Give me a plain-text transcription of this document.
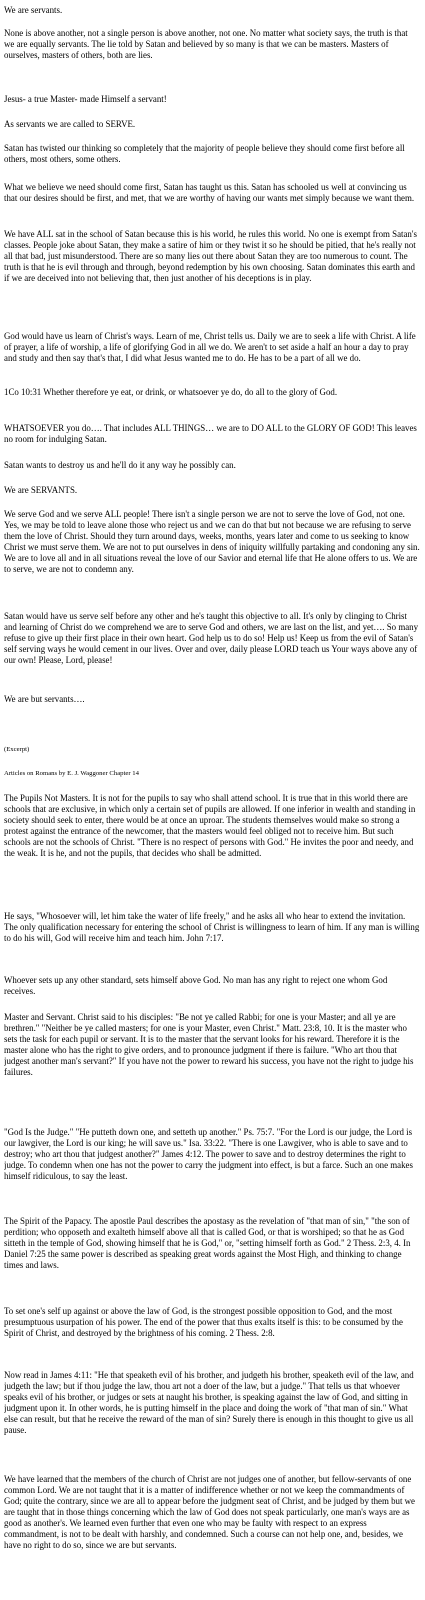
We are servants.

None is above another, not a single person is above another, not one. No matter what society says, the truth is that we are equally servants. The lie told by Satan and believed by so many is that we can be masters. Masters of ourselves, masters of others, both are lies.

Jesus- a true Master- made Himself a servant!

As servants we are called to SERVE.

Satan has twisted our thinking so completely that the majority of people believe they should come first before all others, most others, some others.

What we believe we need should come first, Satan has taught us this. Satan has schooled us well at convincing us that our desires should be first, and met, that we are worthy of having our wants met simply because we want them.

We have ALL sat in the school of Satan because this is his world, he rules this world. No one is exempt from Satan's classes. People joke about Satan, they make a satire of him or they twist it so he should be pitied, that he's really not all that bad, just misunderstood. There are so many lies out there about Satan they are too numerous to count. The truth is that he is evil through and through, beyond redemption by his own choosing. Satan dominates this earth and if we are deceived into not believing that, then just another of his deceptions is in play.

God would have us learn of Christ's ways. Learn of me, Christ tells us. Daily we are to seek a life with Christ. A life of prayer, a life of worship, a life of glorifying God in all we do. We aren't to set aside a half an hour a day to pray and study and then say that's that, I did what Jesus wanted me to do. He has to be a part of all we do.

1Co 10:31 Whether therefore ye eat, or drink, or whatsoever ye do, do all to the glory of God.

WHATSOEVER you do…. That includes ALL THINGS… we are to DO ALL to the GLORY OF GOD! This leaves no room for indulging Satan.

Satan wants to destroy us and he'll do it any way he possibly can.

We are SERVANTS.

We serve God and we serve ALL people! There isn't a single person we are not to serve the love of God, not one. Yes, we may be told to leave alone those who reject us and we can do that but not because we are refusing to serve them the love of Christ. Should they turn around days, weeks, months, years later and come to us seeking to know Christ we must serve them. We are not to put ourselves in dens of iniquity willfully partaking and condoning any sin. We are to love all and in all situations reveal the love of our Savior and eternal life that He alone offers to us. We are to serve, we are not to condemn any.

Satan would have us serve self before any other and he's taught this objective to all. It's only by clinging to Christ and learning of Christ do we comprehend we are to serve God and others, we are last on the list, and yet…. So many refuse to give up their first place in their own heart. God help us to do so! Help us! Keep us from the evil of Satan's self serving ways he would cement in our lives. Over and over, daily please LORD teach us Your ways above any of our own! Please, Lord, please!

We are but servants….

(Excerpt)

Articles on Romans by E. J. Waggoner Chapter 14

The Pupils Not Masters. It is not for the pupils to say who shall attend school. It is true that in this world there are schools that are exclusive, in which only a certain set of pupils are allowed. If one inferior in wealth and standing in society should seek to enter, there would be at once an uproar. The students themselves would make so strong a protest against the entrance of the newcomer, that the masters would feel obliged not to receive him. But such schools are not the schools of Christ. "There is no respect of persons with God." He invites the poor and needy, and the weak. It is he, and not the pupils, that decides who shall be admitted.

He says, "Whosoever will, let him take the water of life freely," and he asks all who hear to extend the invitation. The only qualification necessary for entering the school of Christ is willingness to learn of him. If any man is willing to do his will, God will receive him and teach him. John 7:17.

Whoever sets up any other standard, sets himself above God. No man has any right to reject one whom God receives.

Master and Servant. Christ said to his disciples: "Be not ye called Rabbi; for one is your Master; and all ye are brethren." "Neither be ye called masters; for one is your Master, even Christ." Matt. 23:8, 10. It is the master who sets the task for each pupil or servant. It is to the master that the servant looks for his reward. Therefore it is the master alone who has the right to give orders, and to pronounce judgment if there is failure. "Who art thou that judgest another man's servant?" If you have not the power to reward his success, you have not the right to judge his failures.

"God Is the Judge." "He putteth down one, and setteth up another." Ps. 75:7. "For the Lord is our judge, the Lord is our lawgiver, the Lord is our king; he will save us." Isa. 33:22. "There is one Lawgiver, who is able to save and to destroy; who art thou that judgest another?" James 4:12. The power to save and to destroy determines the right to judge. To condemn when one has not the power to carry the judgment into effect, is but a farce. Such an one makes himself ridiculous, to say the least.

The Spirit of the Papacy. The apostle Paul describes the apostasy as the revelation of "that man of sin," "the son of perdition; who opposeth and exalteth himself above all that is called God, or that is worshiped; so that he as God sitteth in the temple of God, showing himself that he is God," or, "setting himself forth as God." 2 Thess. 2:3, 4. In Daniel 7:25 the same power is described as speaking great words against the Most High, and thinking to change times and laws.

To set one's self up against or above the law of God, is the strongest possible opposition to God, and the most presumptuous usurpation of his power. The end of the power that thus exalts itself is this: to be consumed by the Spirit of Christ, and destroyed by the brightness of his coming. 2 Thess. 2:8.

Now read in James 4:11: "He that speaketh evil of his brother, and judgeth his brother, speaketh evil of the law, and judgeth the law; but if thou judge the law, thou art not a doer of the law, but a judge." That tells us that whoever speaks evil of his brother, or judges or sets at naught his brother, is speaking against the law of God, and sitting in judgment upon it. In other words, he is putting himself in the place and doing the work of "that man of sin." What else can result, but that he receive the reward of the man of sin? Surely there is enough in this thought to give us all pause.

We have learned that the members of the church of Christ are not judges one of another, but fellow-servants of one common Lord. We are not taught that it is a matter of indifference whether or not we keep the commandments of God; quite the contrary, since we are all to appear before the judgment seat of Christ, and be judged by them but we are taught that in those things concerning which the law of God does not speak particularly, one man's ways are as good as another's. We learned even further that even one who may be faulty with respect to an express commandment, is not to be dealt with harshly, and condemned. Such a course can not help one, and, besides, we have no right to do so, since we are but servants.
